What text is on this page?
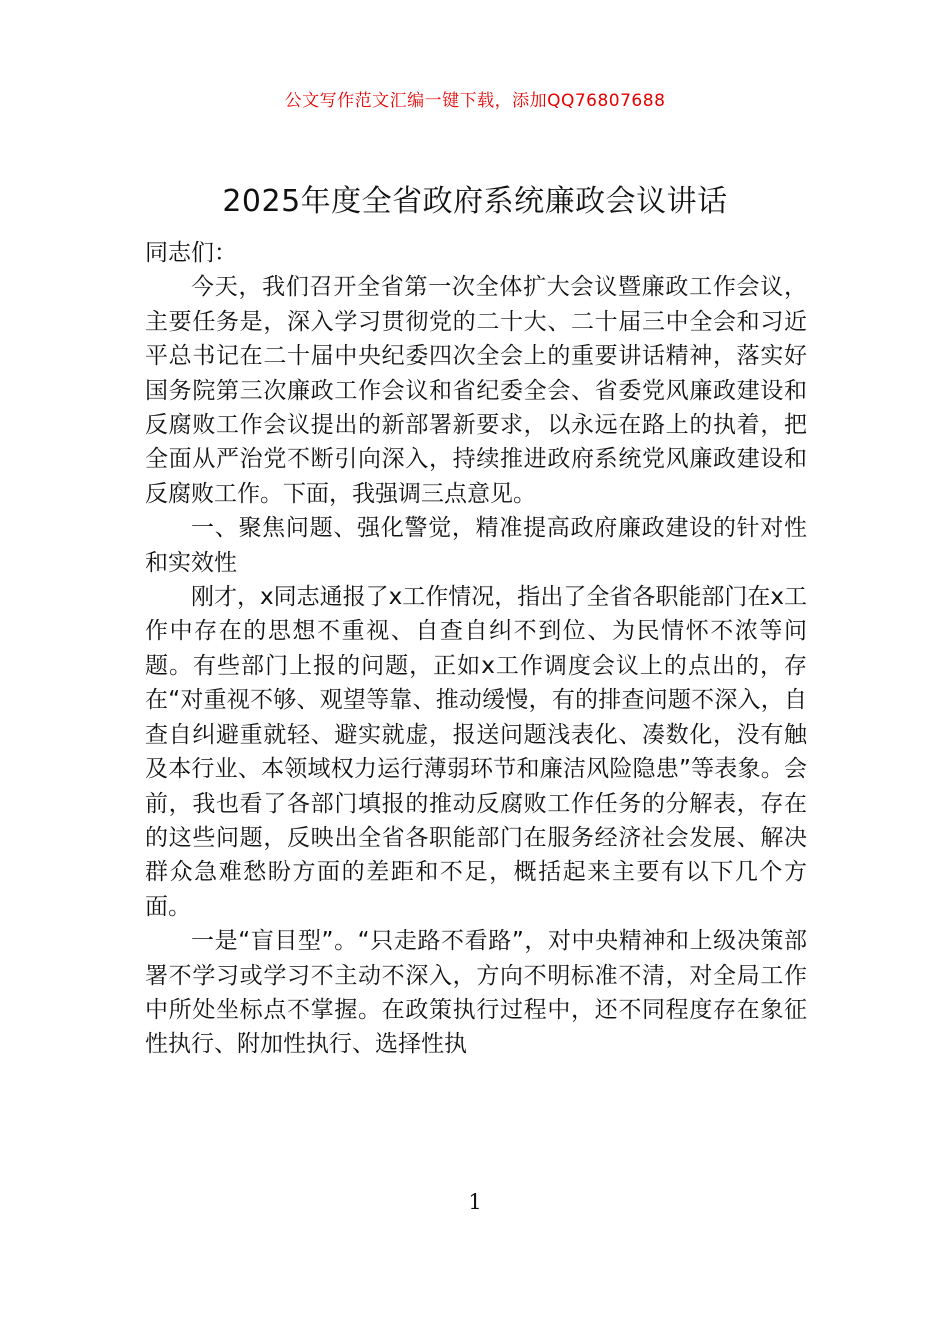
公文写作范文汇编一键下载，添加QQ76807688
2025年度全省政府系统廉政会议讲话

同志们：

今天，我们召开全省第一次全体扩大会议暨廉政工作会议，主要任务是，深入学习贯彻党的二十大、二十届三中全会和习近平总书记在二十届中央纪委四次全会上的重要讲话精神，落实好国务院第三次廉政工作会议和省纪委全会、省委党风廉政建设和反腐败工作会议提出的新部署新要求，以永远在路上的执着，把全面从严治党不断引向深入，持续推进政府系统党风廉政建设和反腐败工作。下面，我强调三点意见。

一、聚焦问题、强化警觉，精准提高政府廉政建设的针对性和实效性

刚才，x同志通报了x工作情况，指出了全省各职能部门在x工作中存在的思想不重视、自查自纠不到位、为民情怀不浓等问题。有些部门上报的问题，正如x工作调度会议上的点出的，存在“对重视不够、观望等靠、推动缓慢，有的排查问题不深入，自查自纠避重就轻、避实就虚，报送问题浅表化、凑数化，没有触及本行业、本领域权力运行薄弱环节和廉洁风险隐患”等表象。会前，我也看了各部门填报的推动反腐败工作任务的分解表，存在的这些问题，反映出全省各职能部门在服务经济社会发展、解决群众急难愁盼方面的差距和不足，概括起来主要有以下几个方面。

一是“盲目型”。“只走路不看路”，对中央精神和上级决策部署不学习或学习不主动不深入，方向不明标准不清，对全局工作中所处坐标点不掌握。在政策执行过程中，还不同程度存在象征性执行、附加性执行、选择性执

1
